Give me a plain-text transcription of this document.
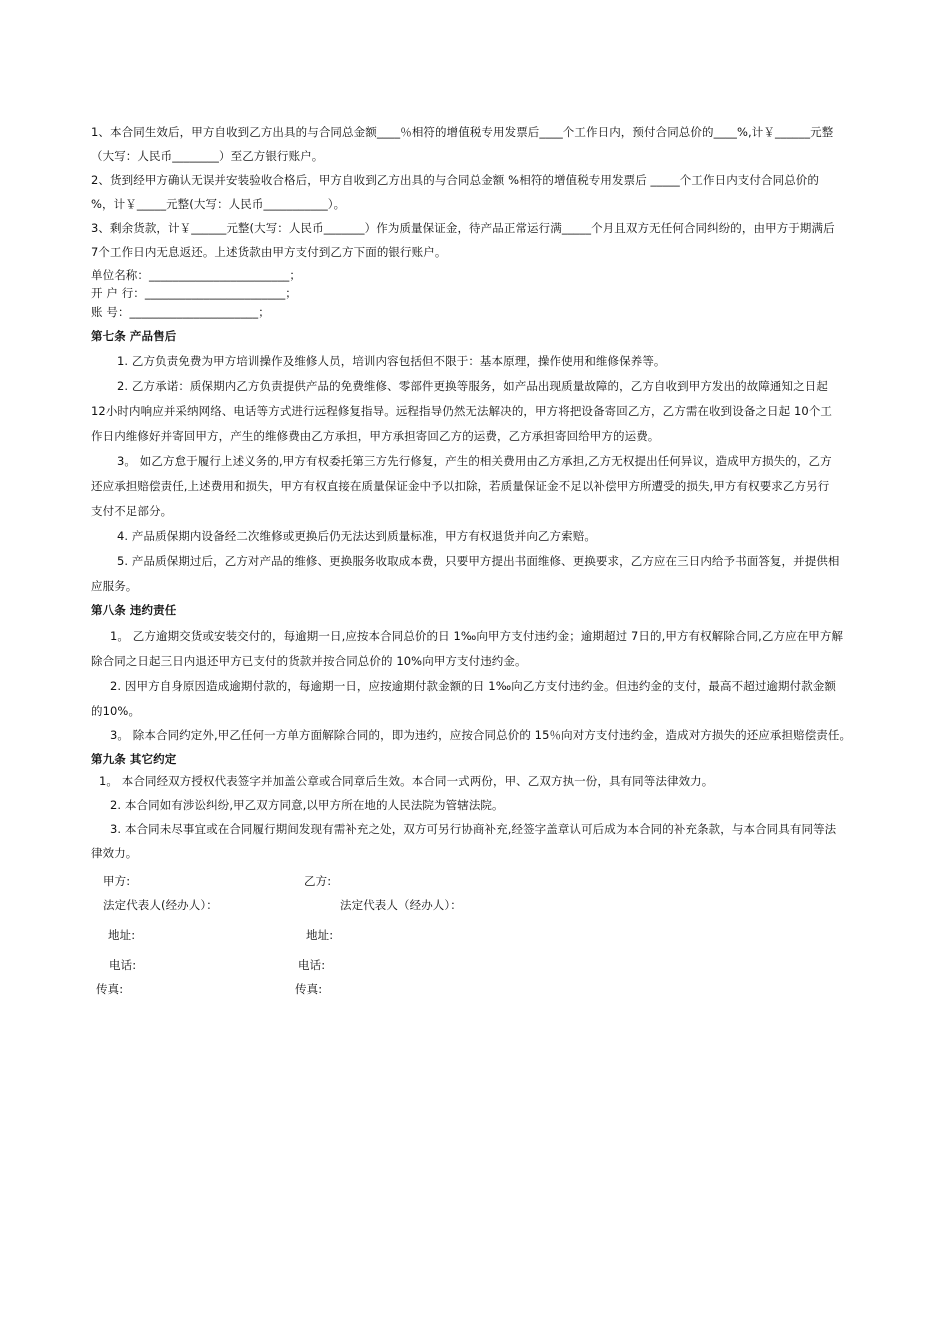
1、本合同生效后，甲方自收到乙方出具的与合同总金额____％相符的增值税专用发票后____个工作日内，预付合同总价的____%,计￥______元整
（大写：人民币________）至乙方银行账户。
2、货到经甲方确认无误并安装验收合格后，甲方自收到乙方出具的与合同总金额 %相符的增值税专用发票后 _____个工作日内支付合同总价的
%，计￥_____元整(大写：人民币___________）。
3、剩余货款，计￥______元整(大写：人民币_______）作为质量保证金，待产品正常运行满_____个月且双方无任何合同纠纷的，由甲方于期满后
7个工作日内无息返还。上述货款由甲方支付到乙方下面的银行账户。
单位名称：________________________；
开 户 行：________________________；
账 号：______________________；
第七条 产品售后
1. 乙方负责免费为甲方培训操作及维修人员，培训内容包括但不限于：基本原理，操作使用和维修保养等。
2. 乙方承诺：质保期内乙方负责提供产品的免费维修、零部件更换等服务，如产品出现质量故障的，乙方自收到甲方发出的故障通知之日起
12小时内响应并采纳网络、电话等方式进行远程修复指导。远程指导仍然无法解决的，甲方将把设备寄回乙方，乙方需在收到设备之日起 10个工
作日内维修好并寄回甲方，产生的维修费由乙方承担，甲方承担寄回乙方的运费，乙方承担寄回给甲方的运费。
3。 如乙方怠于履行上述义务的,甲方有权委托第三方先行修复，产生的相关费用由乙方承担,乙方无权提出任何异议，造成甲方损失的，乙方
还应承担赔偿责任,上述费用和损失，甲方有权直接在质量保证金中予以扣除，若质量保证金不足以补偿甲方所遭受的损失,甲方有权要求乙方另行
支付不足部分。
4. 产品质保期内设备经二次维修或更换后仍无法达到质量标准，甲方有权退货并向乙方索赔。
5. 产品质保期过后，乙方对产品的维修、更换服务收取成本费，只要甲方提出书面维修、更换要求，乙方应在三日内给予书面答复，并提供相
应服务。
第八条 违约责任
1。 乙方逾期交货或安装交付的，每逾期一日,应按本合同总价的日 1‰向甲方支付违约金；逾期超过 7日的,甲方有权解除合同,乙方应在甲方解
除合同之日起三日内退还甲方已支付的货款并按合同总价的 10%向甲方支付违约金。
2. 因甲方自身原因造成逾期付款的，每逾期一日，应按逾期付款金额的日 1‰向乙方支付违约金。但违约金的支付，最高不超过逾期付款金额
的10%。
3。 除本合同约定外,甲乙任何一方单方面解除合同的，即为违约，应按合同总价的 15％向对方支付违约金，造成对方损失的还应承担赔偿责任。
第九条 其它约定
1。 本合同经双方授权代表签字并加盖公章或合同章后生效。本合同一式两份，甲、乙双方执一份，具有同等法律效力。
2. 本合同如有涉讼纠纷,甲乙双方同意,以甲方所在地的人民法院为管辖法院。
3. 本合同未尽事宜或在合同履行期间发现有需补充之处，双方可另行协商补充,经签字盖章认可后成为本合同的补充条款，与本合同具有同等法
律效力。
甲方:	乙方:
法定代表人(经办人）：	法定代表人（经办人）：
地址:	地址:
电话:	电话:
传真:	传真:
